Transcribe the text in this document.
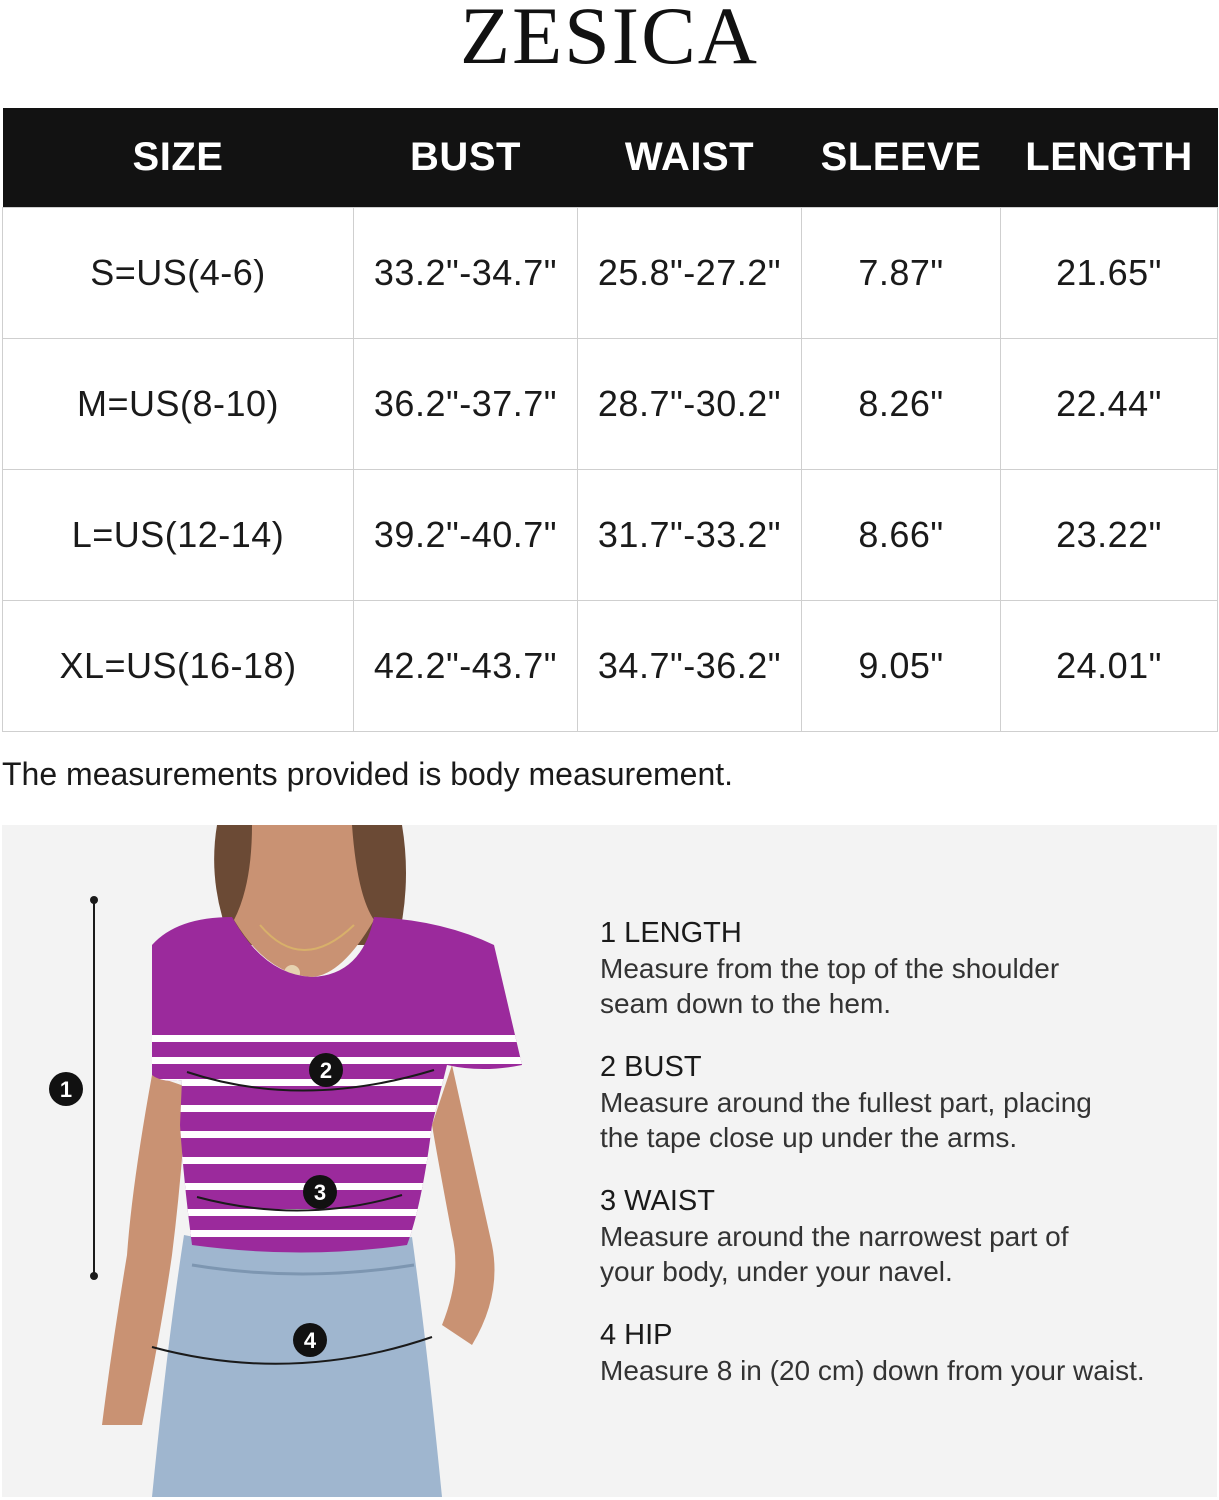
ZESICA
SIZE	BUST	WAIST	SLEEVE	LENGTH
S=US(4-6)	33.2"-34.7"	25.8"-27.2"	7.87"	21.65"
M=US(8-10)	36.2"-37.7"	28.7"-30.2"	8.26"	22.44"
L=US(12-14)	39.2"-40.7"	31.7"-33.2"	8.66"	23.22"
XL=US(16-18)	42.2"-43.7"	34.7"-36.2"	9.05"	24.01"

The measurements provided is body measurement.

1
2
3
4
1 LENGTH
Measure from the top of the shoulder
seam down to the hem.
2 BUST
Measure around the fullest part, placing
the tape close up under the arms.
3 WAIST
Measure around the narrowest part of
your body, under your navel.
4 HIP
Measure 8 in (20 cm) down from your waist.
